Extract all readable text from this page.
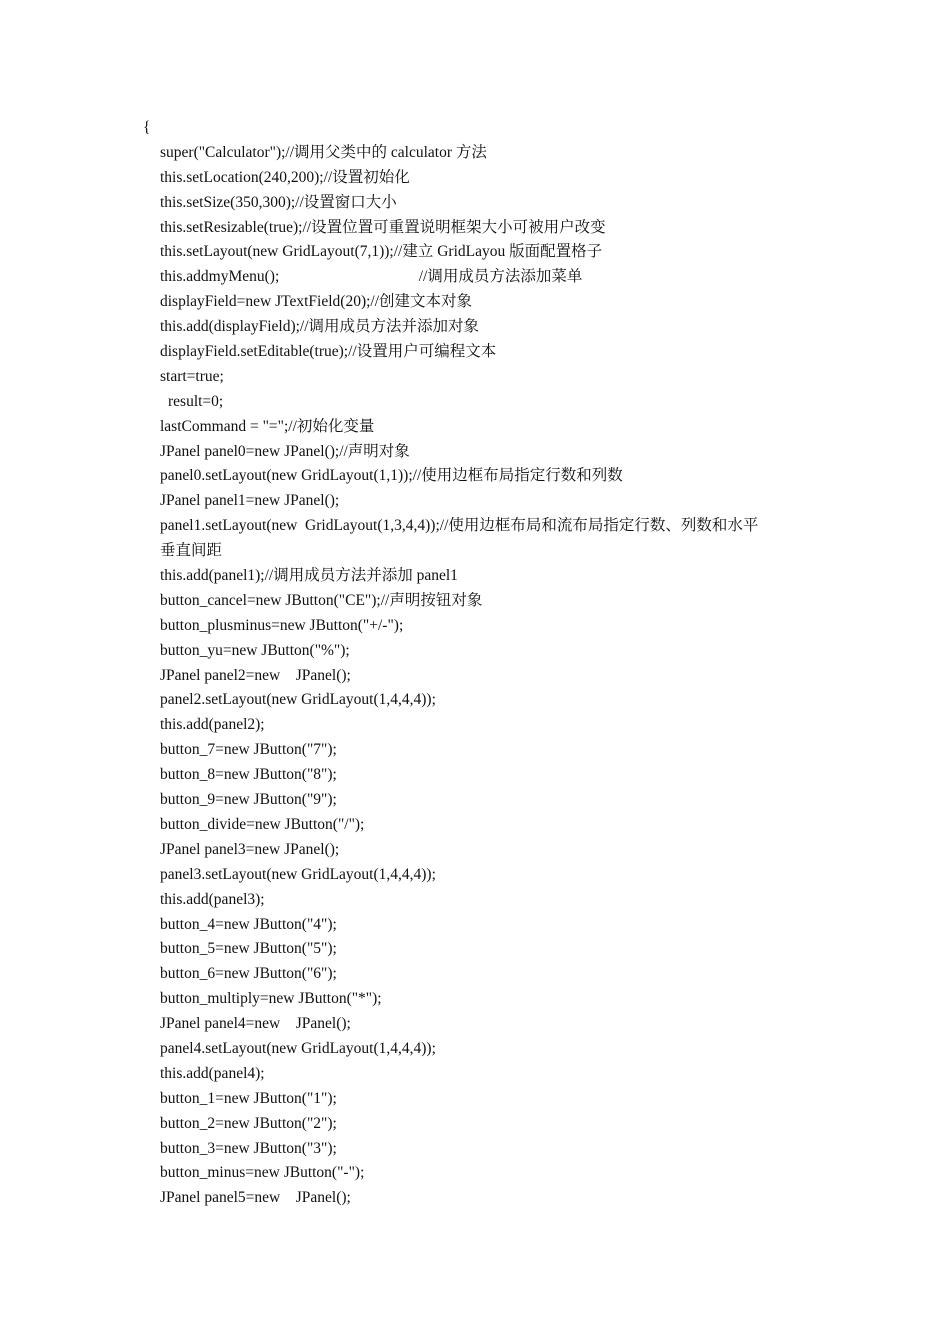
{

super("Calculator");//调用父类中的 calculator 方法

this.setLocation(240,200);//设置初始化

this.setSize(350,300);//设置窗口大小

this.setResizable(true);//设置位置可重置说明框架大小可被用户改变

this.setLayout(new GridLayout(7,1));//建立 GridLayou 版面配置格子

this.addmyMenu();                                    //调用成员方法添加菜单

displayField=new JTextField(20);//创建文本对象

this.add(displayField);//调用成员方法并添加对象

displayField.setEditable(true);//设置用户可编程文本

start=true;

result=0;

lastCommand = "=";//初始化变量

JPanel panel0=new JPanel();//声明对象

panel0.setLayout(new GridLayout(1,1));//使用边框布局指定行数和列数

JPanel panel1=new JPanel();

panel1.setLayout(new  GridLayout(1,3,4,4));//使用边框布局和流布局指定行数、列数和水平

垂直间距

this.add(panel1);//调用成员方法并添加 panel1

button_cancel=new JButton("CE");//声明按钮对象

button_plusminus=new JButton("+/-");

button_yu=new JButton("%");

JPanel panel2=new    JPanel();

panel2.setLayout(new GridLayout(1,4,4,4));

this.add(panel2);

button_7=new JButton("7");

button_8=new JButton("8");

button_9=new JButton("9");

button_divide=new JButton("/");

JPanel panel3=new JPanel();

panel3.setLayout(new GridLayout(1,4,4,4));

this.add(panel3);

button_4=new JButton("4");

button_5=new JButton("5");

button_6=new JButton("6");

button_multiply=new JButton("*");

JPanel panel4=new    JPanel();

panel4.setLayout(new GridLayout(1,4,4,4));

this.add(panel4);

button_1=new JButton("1");

button_2=new JButton("2");

button_3=new JButton("3");

button_minus=new JButton("-");

JPanel panel5=new    JPanel();
